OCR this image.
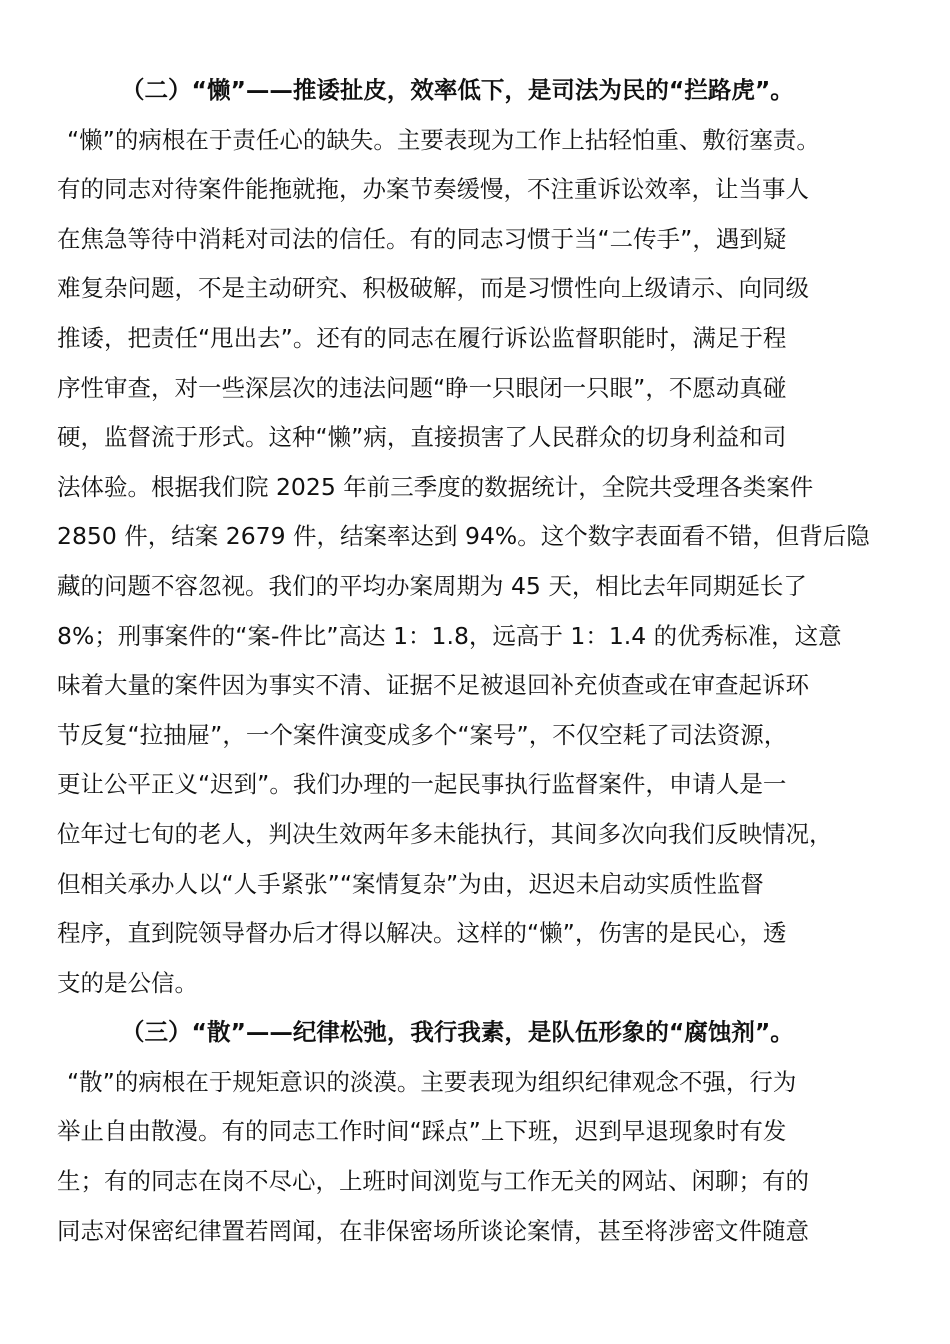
（二）“懒”——推诿扯皮，效率低下，是司法为民的“拦路虎”。
“懒”的病根在于责任心的缺失。主要表现为工作上拈轻怕重、敷衍塞责。
有的同志对待案件能拖就拖，办案节奏缓慢，不注重诉讼效率，让当事人
在焦急等待中消耗对司法的信任。有的同志习惯于当“二传手”，遇到疑
难复杂问题，不是主动研究、积极破解，而是习惯性向上级请示、向同级
推诿，把责任“甩出去”。还有的同志在履行诉讼监督职能时，满足于程
序性审查，对一些深层次的违法问题“睁一只眼闭一只眼”，不愿动真碰
硬，监督流于形式。这种“懒”病，直接损害了人民群众的切身利益和司
法体验。根据我们院 2025 年前三季度的数据统计，全院共受理各类案件
2850 件，结案 2679 件，结案率达到 94%。这个数字表面看不错，但背后隐
藏的问题不容忽视。我们的平均办案周期为 45 天，相比去年同期延长了
8%；刑事案件的“案-件比”高达 1：1.8，远高于 1：1.4 的优秀标准，这意
味着大量的案件因为事实不清、证据不足被退回补充侦查或在审查起诉环
节反复“拉抽屉”，一个案件演变成多个“案号”，不仅空耗了司法资源，
更让公平正义“迟到”。我们办理的一起民事执行监督案件，申请人是一
位年过七旬的老人，判决生效两年多未能执行，其间多次向我们反映情况，
但相关承办人以“人手紧张”“案情复杂”为由，迟迟未启动实质性监督
程序，直到院领导督办后才得以解决。这样的“懒”，伤害的是民心，透
支的是公信。
（三）“散”——纪律松弛，我行我素，是队伍形象的“腐蚀剂”。
“散”的病根在于规矩意识的淡漠。主要表现为组织纪律观念不强，行为
举止自由散漫。有的同志工作时间“踩点”上下班，迟到早退现象时有发
生；有的同志在岗不尽心，上班时间浏览与工作无关的网站、闲聊；有的
同志对保密纪律置若罔闻，在非保密场所谈论案情，甚至将涉密文件随意
